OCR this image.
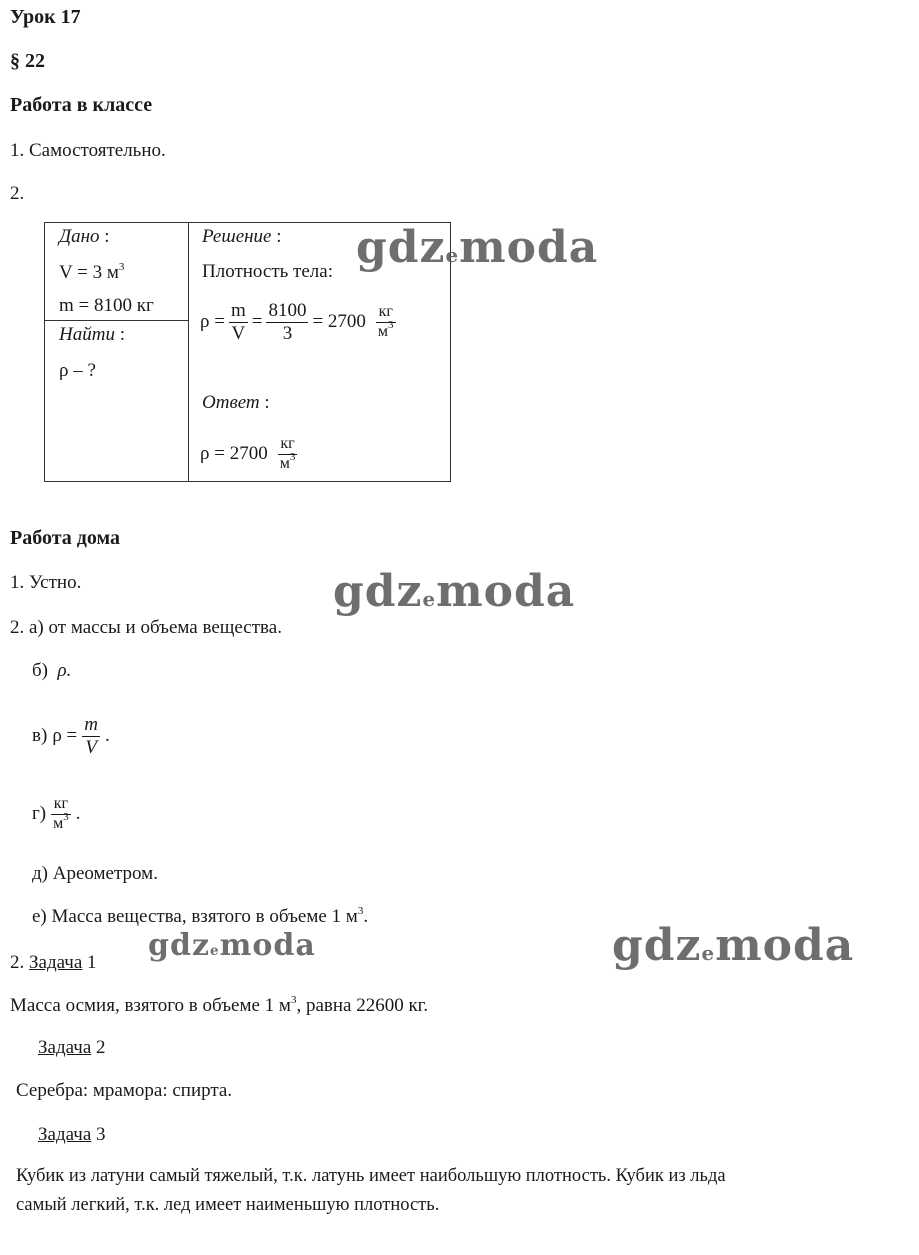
Урок 17
§ 22
Работа в классе
1. Самостоятельно.
2.
Дано :
V = 3 $м^3$
m = 8100 кг
Найти :
ρ – ?
Решение :
Плотность тела:
$\rho = \frac{m}{V} = \frac{8100}{3} = 2700 \frac{кг}{м^3}$
Ответ :
$\rho = 2700 \frac{кг}{м^3}$
Работа дома
1. Устно.
2. а) от массы и объема вещества.
б) ρ.
в) $\rho = \frac{m}{V}$ .
$г) \frac{кг}{м^3}$ .
д) Ареометром.
е) Масса вещества, взятого в объеме 1 $м^3$.
2. Задача 1
Масса осмия, взятого в объеме 1 $м^3$, равна 22600 кг.
Задача 2
Серебра: мрамора: спирта.
Задача 3
Кубик из латуни самый тяжелый, т.к. латунь имеет наибольшую плотность. Кубик из льда
самый легкий, т.к. лед имеет наименьшую плотность.
gdzemoda
gdzemoda
gdzemoda	gdzemoda
